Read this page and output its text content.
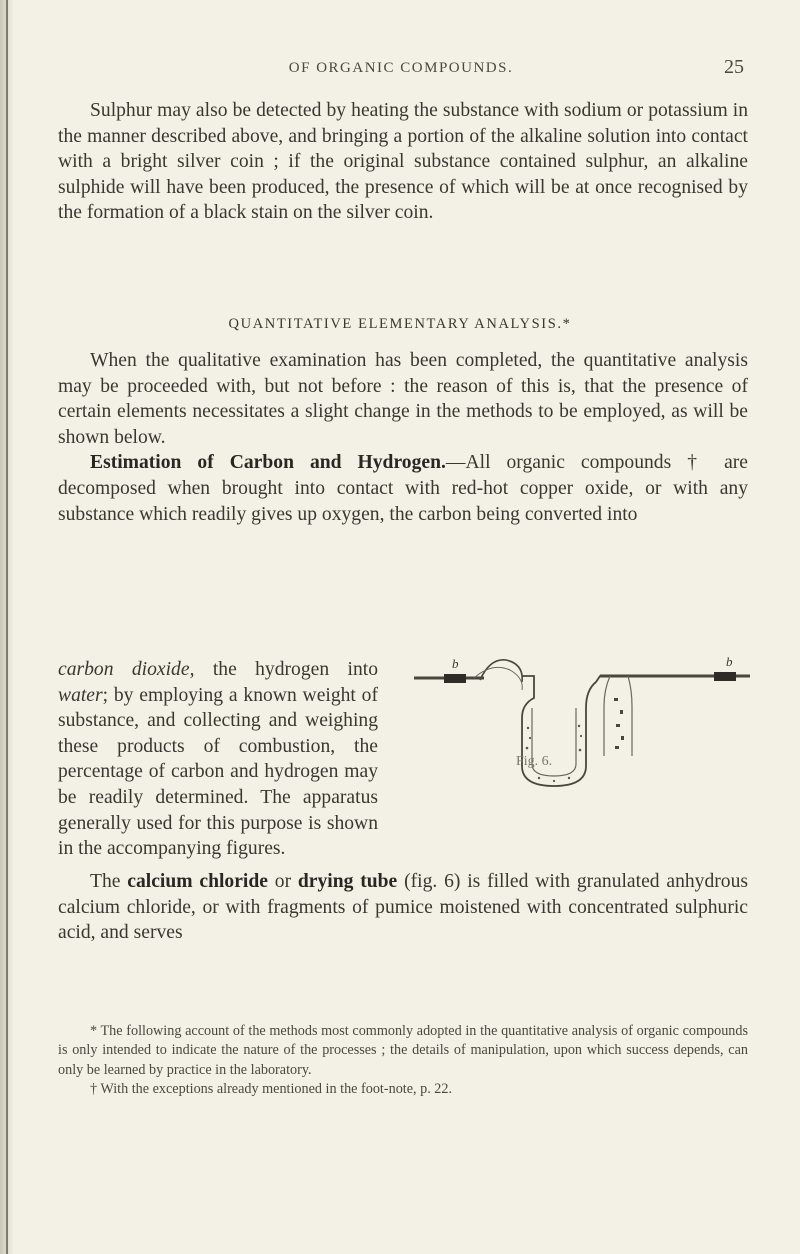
OF ORGANIC COMPOUNDS.	25

Sulphur may also be detected by heating the substance with sodium or potassium in the manner described above, and bringing a portion of the alkaline solution into contact with a bright silver coin ; if the original substance contained sulphur, an alkaline sulphide will have been produced, the presence of which will be at once recognised by the formation of a black stain on the silver coin.

QUANTITATIVE ELEMENTARY ANALYSIS.*

When the qualitative examination has been completed, the quantitative analysis may be proceeded with, but not before : the reason of this is, that the presence of certain elements necessitates a slight change in the methods to be employed, as will be shown below.

Estimation of Carbon and Hydrogen.—All organic compounds † are decomposed when brought into contact with red-hot copper oxide, or with any substance which readily gives up oxygen, the carbon being converted into

b	b
Fig. 6.
carbon dioxide, the hydrogen into water; by employing a known weight of substance, and collecting and weighing these products of combustion, the percentage of carbon and hydrogen may be readily determined. The apparatus generally used for this purpose is shown in the accompanying figures.

The calcium chloride or drying tube (fig. 6) is filled with granulated anhydrous calcium chloride, or with fragments of pumice moistened with concentrated sulphuric acid, and serves

* The following account of the methods most commonly adopted in the quantitative analysis of organic compounds is only intended to indicate the nature of the processes ; the details of manipulation, upon which success depends, can only be learned by practice in the laboratory.

† With the exceptions already mentioned in the foot-note, p. 22.
